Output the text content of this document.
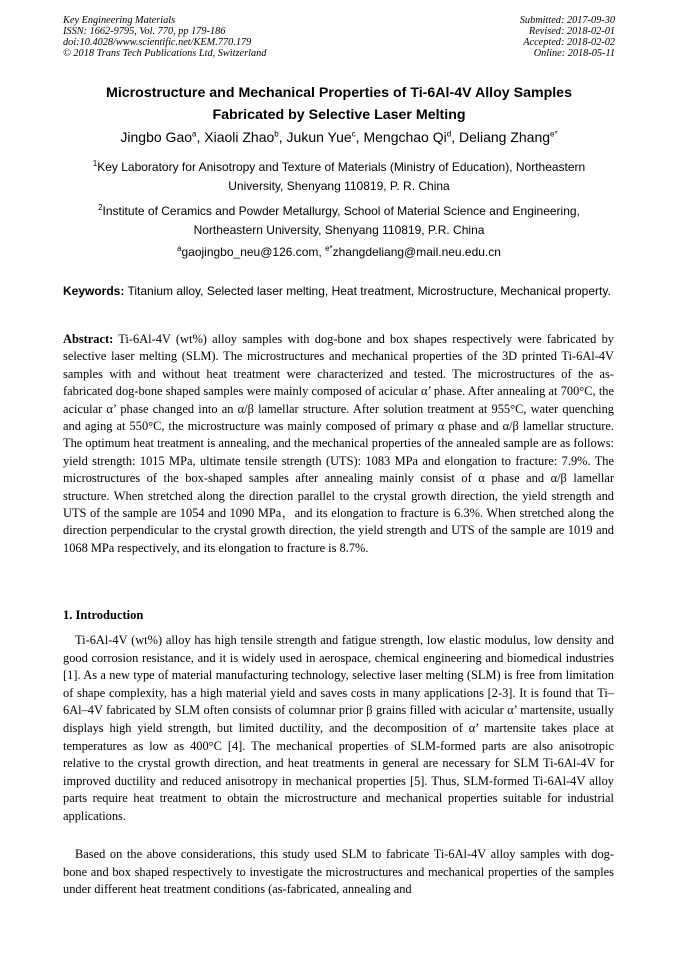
Key Engineering Materials
ISSN: 1662-9795, Vol. 770, pp 179-186
doi:10.4028/www.scientific.net/KEM.770.179
© 2018 Trans Tech Publications Ltd, Switzerland
Submitted: 2017-09-30
Revised: 2018-02-01
Accepted: 2018-02-02
Online: 2018-05-11
Microstructure and Mechanical Properties of Ti-6Al-4V Alloy Samples
Fabricated by Selective Laser Melting
Jingbo Gao$^a$, Xiaoli Zhao$^b$, Jukun Yue$^c$, Mengchao Qi$^d$, Deliang Zhang$^{e*}$
$^1$Key Laboratory for Anisotropy and Texture of Materials (Ministry of Education), Northeastern
University, Shenyang 110819, P. R. China
$^2$Institute of Ceramics and Powder Metallurgy, School of Material Science and Engineering,
Northeastern University, Shenyang 110819, P.R. China
$^a$gaojingbo_neu@126.com, $^{e*}$zhangdeliang@mail.neu.edu.cn
Keywords: Titanium alloy, Selected laser melting, Heat treatment, Microstructure, Mechanical property.
Abstract: Ti-6Al-4V (wt%) alloy samples with dog-bone and box shapes respectively were fabricated by selective laser melting (SLM). The microstructures and mechanical properties of the 3D printed Ti-6Al-4V samples with and without heat treatment were characterized and tested. The microstructures of the as-fabricated dog-bone shaped samples were mainly composed of acicular α’ phase. After annealing at 700°C, the acicular α’ phase changed into an α/β lamellar structure. After solution treatment at 955°C, water quenching and aging at 550°C, the microstructure was mainly composed of primary α phase and α/β lamellar structure. The optimum heat treatment is annealing, and the mechanical properties of the annealed sample are as follows: yield strength: 1015 MPa, ultimate tensile strength (UTS): 1083 MPa and elongation to fracture: 7.9%. The microstructures of the box-shaped samples after annealing mainly consist of α phase and α/β lamellar structure. When stretched along the direction parallel to the crystal growth direction, the yield strength and UTS of the sample are 1054 and 1090 MPa，and its elongation to fracture is 6.3%. When stretched along the direction perpendicular to the crystal growth direction, the yield strength and UTS of the sample are 1019 and 1068 MPa respectively, and its elongation to fracture is 8.7%.
1. Introduction
Ti-6Al-4V (wt%) alloy has high tensile strength and fatigue strength, low elastic modulus, low density and good corrosion resistance, and it is widely used in aerospace, chemical engineering and biomedical industries [1]. As a new type of material manufacturing technology, selective laser melting (SLM) is free from limitation of shape complexity, has a high material yield and saves costs in many applications [2-3]. It is found that Ti–6Al–4V fabricated by SLM often consists of columnar prior β grains filled with acicular α’ martensite, usually displays high yield strength, but limited ductility, and the decomposition of α’ martensite takes place at temperatures as low as 400°C [4]. The mechanical properties of SLM-formed parts are also anisotropic relative to the crystal growth direction, and heat treatments in general are necessary for SLM Ti-6Al-4V for improved ductility and reduced anisotropy in mechanical properties [5]. Thus, SLM-formed Ti-6Al-4V alloy parts require heat treatment to obtain the microstructure and mechanical properties suitable for industrial applications.
Based on the above considerations, this study used SLM to fabricate Ti-6Al-4V alloy samples with dog-bone and box shaped respectively to investigate the microstructures and mechanical properties of the samples under different heat treatment conditions (as-fabricated, annealing and
